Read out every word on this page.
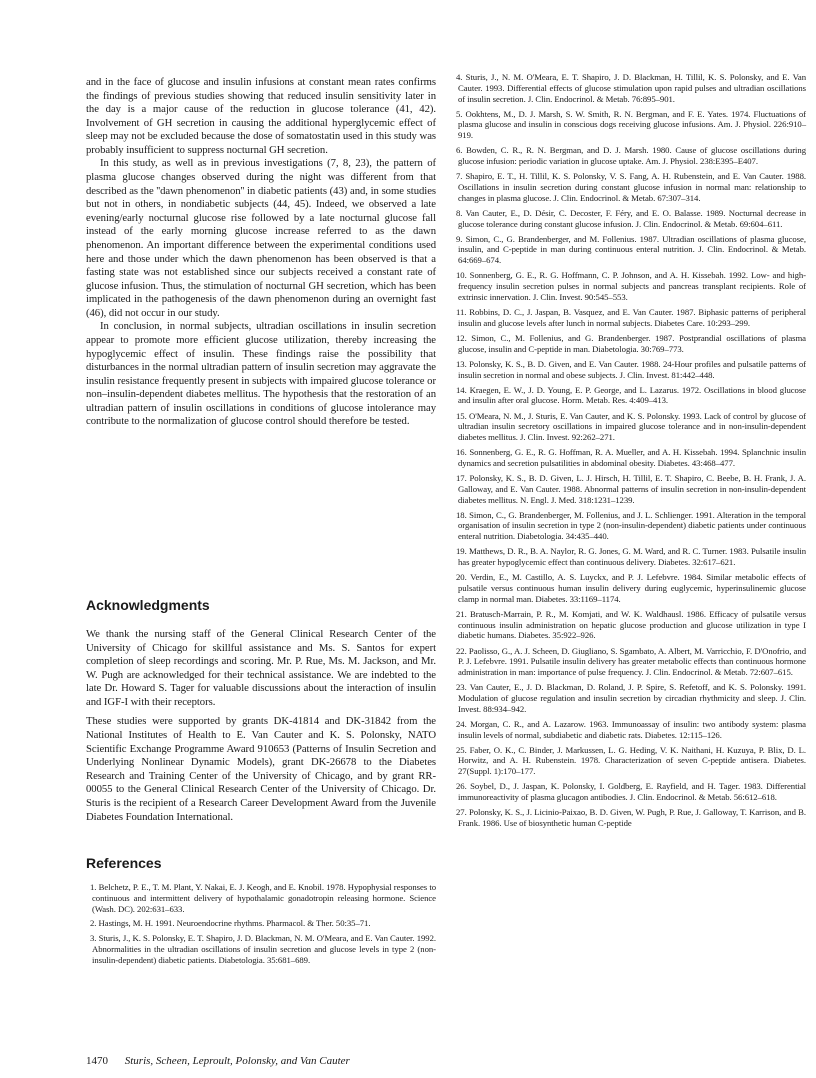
and in the face of glucose and insulin infusions at constant mean rates confirms the findings of previous studies showing that reduced insulin sensitivity later in the day is a major cause of the reduction in glucose tolerance (41, 42). Involvement of GH secretion in causing the additional hyperglycemic effect of sleep may not be excluded because the dose of somatostatin used in this study was probably insufficient to suppress nocturnal GH secretion.

In this study, as well as in previous investigations (7, 8, 23), the pattern of plasma glucose changes observed during the night was different from that described as the ''dawn phenomenon'' in diabetic patients (43) and, in some studies but not in others, in nondiabetic subjects (44, 45). Indeed, we observed a late evening/early nocturnal glucose rise followed by a late nocturnal glucose fall instead of the early morning glucose increase referred to as the dawn phenomenon. An important difference between the experimental conditions used here and those under which the dawn phenomenon has been observed is that a fasting state was not established since our subjects received a constant rate of glucose infusion. Thus, the stimulation of nocturnal GH secretion, which has been implicated in the pathogenesis of the dawn phenomenon during an overnight fast (46), did not occur in our study.

In conclusion, in normal subjects, ultradian oscillations in insulin secretion appear to promote more efficient glucose utilization, thereby increasing the hypoglycemic effect of insulin. These findings raise the possibility that disturbances in the normal ultradian pattern of insulin secretion may aggravate the insulin resistance frequently present in subjects with impaired glucose tolerance or non–insulin-dependent diabetes mellitus. The hypothesis that the restoration of an ultradian pattern of insulin oscillations in conditions of glucose intolerance may contribute to the normalization of glucose control should therefore be tested.

Acknowledgments

We thank the nursing staff of the General Clinical Research Center of the University of Chicago for skillful assistance and Ms. S. Santos for expert completion of sleep recordings and scoring. Mr. P. Rue, Ms. M. Jackson, and Mr. W. Pugh are acknowledged for their technical assistance. We are indebted to the late Dr. Howard S. Tager for valuable discussions about the interaction of insulin and IGF-I with their receptors.

These studies were supported by grants DK-41814 and DK-31842 from the National Institutes of Health to E. Van Cauter and K. S. Polonsky, NATO Scientific Exchange Programme Award 910653 (Patterns of Insulin Secretion and Underlying Nonlinear Dynamic Models), grant DK-26678 to the Diabetes Research and Training Center of the University of Chicago, and by grant RR-00055 to the General Clinical Research Center of the University of Chicago. Dr. Sturis is the recipient of a Research Career Development Award from the Juvenile Diabetes Foundation International.

References
1. Belchetz, P. E., T. M. Plant, Y. Nakai, E. J. Keogh, and E. Knobil. 1978. Hypophysial responses to continuous and intermittent delivery of hypothalamic gonadotropin releasing hormone. Science (Wash. DC). 202:631–633.
2. Hastings, M. H. 1991. Neuroendocrine rhythms. Pharmacol. & Ther. 50:35–71.
3. Sturis, J., K. S. Polonsky, E. T. Shapiro, J. D. Blackman, N. M. O'Meara, and E. Van Cauter. 1992. Abnormalities in the ultradian oscillations of insulin secretion and glucose levels in type 2 (non-insulin-dependent) diabetic patients. Diabetologia. 35:681–689.
4. Sturis, J., N. M. O'Meara, E. T. Shapiro, J. D. Blackman, H. Tillil, K. S. Polonsky, and E. Van Cauter. 1993. Differential effects of glucose stimulation upon rapid pulses and ultradian oscillations of insulin secretion. J. Clin. Endocrinol. & Metab. 76:895–901.
5. Ookhtens, M., D. J. Marsh, S. W. Smith, R. N. Bergman, and F. E. Yates. 1974. Fluctuations of plasma glucose and insulin in conscious dogs receiving glucose infusions. Am. J. Physiol. 226:910–919.
6. Bowden, C. R., R. N. Bergman, and D. J. Marsh. 1980. Cause of glucose oscillations during glucose infusion: periodic variation in glucose uptake. Am. J. Physiol. 238:E395–E407.
7. Shapiro, E. T., H. Tillil, K. S. Polonsky, V. S. Fang, A. H. Rubenstein, and E. Van Cauter. 1988. Oscillations in insulin secretion during constant glucose infusion in normal man: relationship to changes in plasma glucose. J. Clin. Endocrinol. & Metab. 67:307–314.
8. Van Cauter, E., D. Désir, C. Decoster, F. Féry, and E. O. Balasse. 1989. Nocturnal decrease in glucose tolerance during constant glucose infusion. J. Clin. Endocrinol. & Metab. 69:604–611.
9. Simon, C., G. Brandenberger, and M. Follenius. 1987. Ultradian oscillations of plasma glucose, insulin, and C-peptide in man during continuous enteral nutrition. J. Clin. Endocrinol. & Metab. 64:669–674.
10. Sonnenberg, G. E., R. G. Hoffmann, C. P. Johnson, and A. H. Kissebah. 1992. Low- and high-frequency insulin secretion pulses in normal subjects and pancreas transplant recipients. Role of extrinsic innervation. J. Clin. Invest. 90:545–553.
11. Robbins, D. C., J. Jaspan, B. Vasquez, and E. Van Cauter. 1987. Biphasic patterns of peripheral insulin and glucose levels after lunch in normal subjects. Diabetes Care. 10:293–299.
12. Simon, C., M. Follenius, and G. Brandenberger. 1987. Postprandial oscillations of plasma glucose, insulin and C-peptide in man. Diabetologia. 30:769–773.
13. Polonsky, K. S., B. D. Given, and E. Van Cauter. 1988. 24-Hour profiles and pulsatile patterns of insulin secretion in normal and obese subjects. J. Clin. Invest. 81:442–448.
14. Kraegen, E. W., J. D. Young, E. P. George, and L. Lazarus. 1972. Oscillations in blood glucose and insulin after oral glucose. Horm. Metab. Res. 4:409–413.
15. O'Meara, N. M., J. Sturis, E. Van Cauter, and K. S. Polonsky. 1993. Lack of control by glucose of ultradian insulin secretory oscillations in impaired glucose tolerance and in non-insulin-dependent diabetes mellitus. J. Clin. Invest. 92:262–271.
16. Sonnenberg, G. E., R. G. Hoffman, R. A. Mueller, and A. H. Kissebah. 1994. Splanchnic insulin dynamics and secretion pulsatilities in abdominal obesity. Diabetes. 43:468–477.
17. Polonsky, K. S., B. D. Given, L. J. Hirsch, H. Tillil, E. T. Shapiro, C. Beebe, B. H. Frank, J. A. Galloway, and E. Van Cauter. 1988. Abnormal patterns of insulin secretion in non-insulin-dependent diabetes mellitus. N. Engl. J. Med. 318:1231–1239.
18. Simon, C., G. Brandenberger, M. Follenius, and J. L. Schlienger. 1991. Alteration in the temporal organisation of insulin secretion in type 2 (non-insulin-dependent) diabetic patients under continuous enteral nutrition. Diabetologia. 34:435–440.
19. Matthews, D. R., B. A. Naylor, R. G. Jones, G. M. Ward, and R. C. Turner. 1983. Pulsatile insulin has greater hypoglycemic effect than continuous delivery. Diabetes. 32:617–621.
20. Verdin, E., M. Castillo, A. S. Luyckx, and P. J. Lefebvre. 1984. Similar metabolic effects of pulsatile versus continuous human insulin delivery during euglycemic, hyperinsulinemic glucose clamp in normal man. Diabetes. 33:1169–1174.
21. Bratusch-Marrain, P. R., M. Komjati, and W. K. Waldhausl. 1986. Efficacy of pulsatile versus continuous insulin administration on hepatic glucose production and glucose utilization in type I diabetic humans. Diabetes. 35:922–926.
22. Paolisso, G., A. J. Scheen, D. Giugliano, S. Sgambato, A. Albert, M. Varricchio, F. D'Onofrio, and P. J. Lefebvre. 1991. Pulsatile insulin delivery has greater metabolic effects than continuous hormone administration in man: importance of pulse frequency. J. Clin. Endocrinol. & Metab. 72:607–615.
23. Van Cauter, E., J. D. Blackman, D. Roland, J. P. Spire, S. Refetoff, and K. S. Polonsky. 1991. Modulation of glucose regulation and insulin secretion by circadian rhythmicity and sleep. J. Clin. Invest. 88:934–942.
24. Morgan, C. R., and A. Lazarow. 1963. Immunoassay of insulin: two antibody system: plasma insulin levels of normal, subdiabetic and diabetic rats. Diabetes. 12:115–126.
25. Faber, O. K., C. Binder, J. Markussen, L. G. Heding, V. K. Naithani, H. Kuzuya, P. Blix, D. L. Horwitz, and A. H. Rubenstein. 1978. Characterization of seven C-peptide antisera. Diabetes. 27(Suppl. 1):170–177.
26. Soybel, D., J. Jaspan, K. Polonsky, I. Goldberg, E. Rayfield, and H. Tager. 1983. Differential immunoreactivity of plasma glucagon antibodies. J. Clin. Endocrinol. & Metab. 56:612–618.
27. Polonsky, K. S., J. Licinio-Paixao, B. D. Given, W. Pugh, P. Rue, J. Galloway, T. Karrison, and B. Frank. 1986. Use of biosynthetic human C-peptide
1470 Sturis, Scheen, Leproult, Polonsky, and Van Cauter
